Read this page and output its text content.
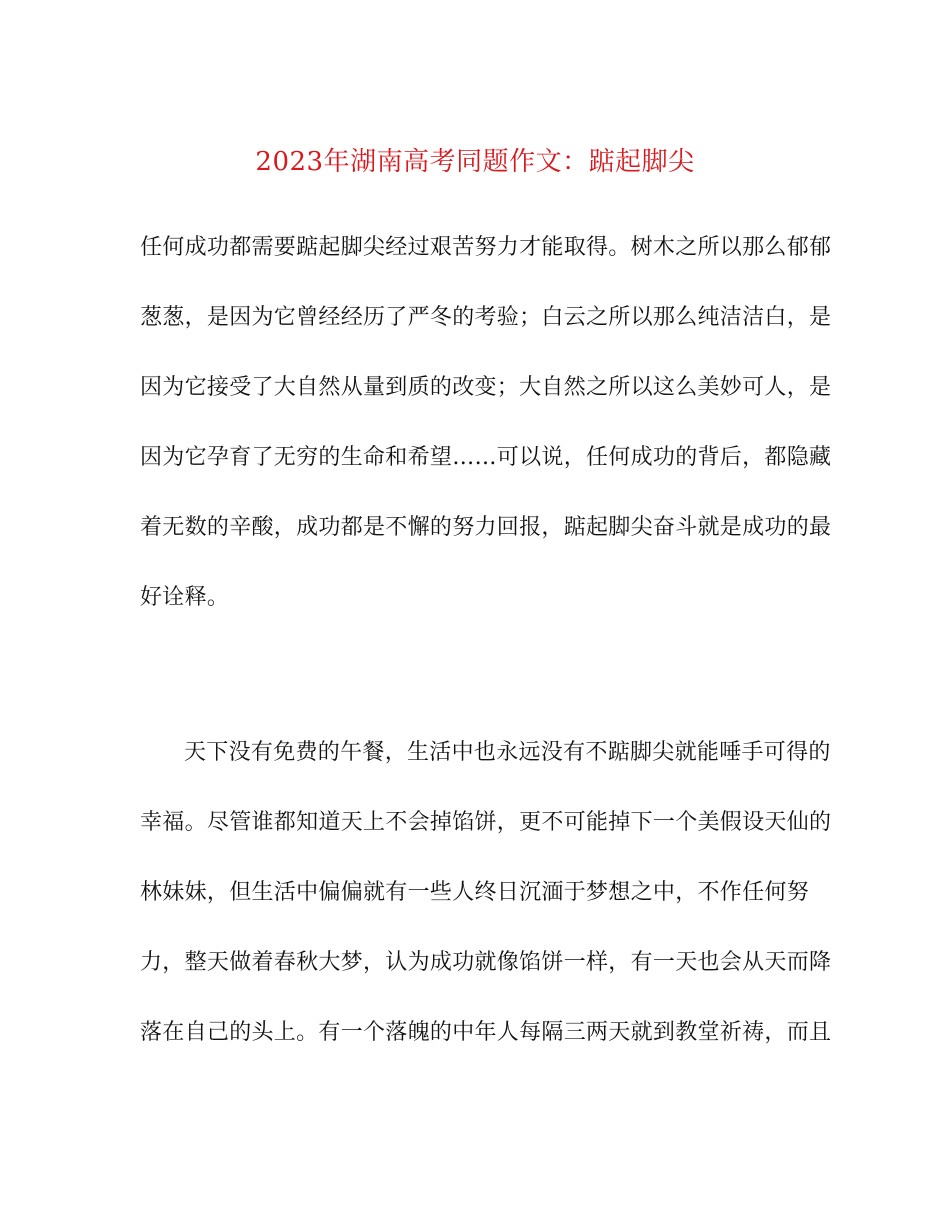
2023年湖南高考同题作文：踮起脚尖
任何成功都需要踮起脚尖经过艰苦努力才能取得。树木之所以那么郁郁
葱葱，是因为它曾经经历了严冬的考验；白云之所以那么纯洁洁白，是
因为它接受了大自然从量到质的改变；大自然之所以这么美妙可人，是
因为它孕育了无穷的生命和希望……可以说，任何成功的背后，都隐藏
着无数的辛酸，成功都是不懈的努力回报，踮起脚尖奋斗就是成功的最
好诠释。
天下没有免费的午餐，生活中也永远没有不踮脚尖就能唾手可得的
幸福。尽管谁都知道天上不会掉馅饼，更不可能掉下一个美假设天仙的
林妹妹，但生活中偏偏就有一些人终日沉湎于梦想之中，不作任何努
力，整天做着春秋大梦，认为成功就像馅饼一样，有一天也会从天而降
落在自己的头上。有一个落魄的中年人每隔三两天就到教堂祈祷，而且
